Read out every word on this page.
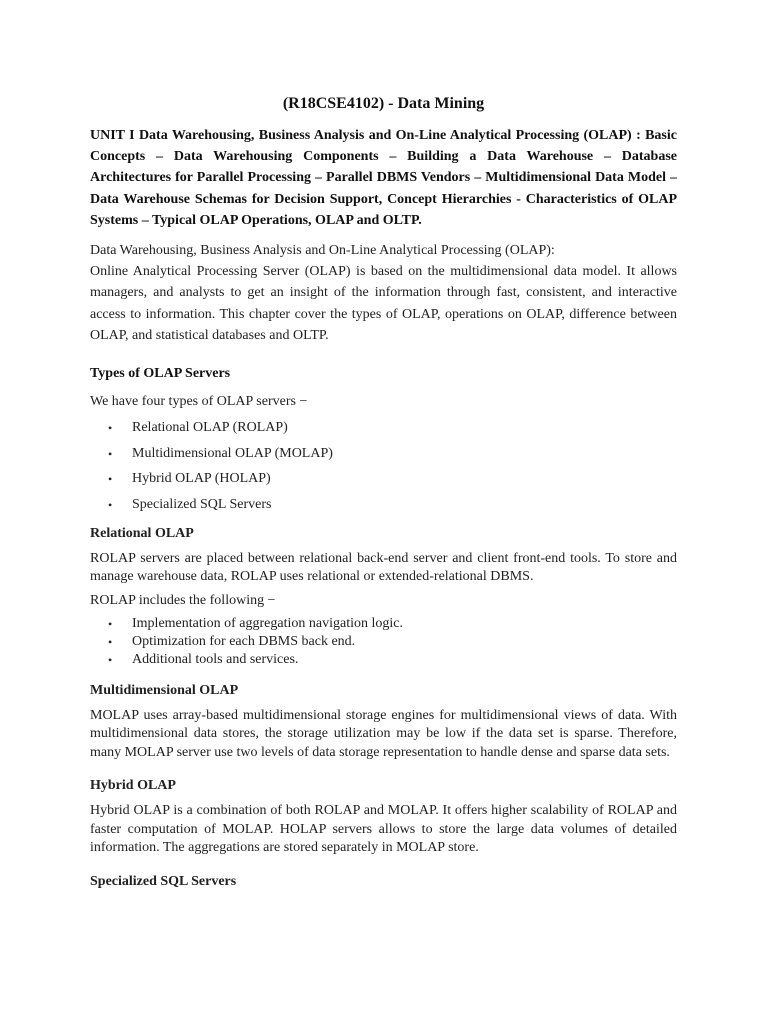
(R18CSE4102) - Data Mining

UNIT I Data Warehousing, Business Analysis and On-Line Analytical Processing (OLAP) : Basic Concepts – Data Warehousing Components – Building a Data Warehouse – Database Architectures for Parallel Processing – Parallel DBMS Vendors – Multidimensional Data Model – Data Warehouse Schemas for Decision Support, Concept Hierarchies - Characteristics of OLAP Systems – Typical OLAP Operations, OLAP and OLTP.

Data Warehousing, Business Analysis and On-Line Analytical Processing (OLAP):

Online Analytical Processing Server (OLAP) is based on the multidimensional data model. It allows managers, and analysts to get an insight of the information through fast, consistent, and interactive access to information. This chapter cover the types of OLAP, operations on OLAP, difference between OLAP, and statistical databases and OLTP.

Types of OLAP Servers

We have four types of OLAP servers −

• Relational OLAP (ROLAP)
• Multidimensional OLAP (MOLAP)
• Hybrid OLAP (HOLAP)
• Specialized SQL Servers
Relational OLAP

ROLAP servers are placed between relational back-end server and client front-end tools. To store and manage warehouse data, ROLAP uses relational or extended-relational DBMS.

ROLAP includes the following −

• Implementation of aggregation navigation logic.
• Optimization for each DBMS back end.
• Additional tools and services.
Multidimensional OLAP

MOLAP uses array-based multidimensional storage engines for multidimensional views of data. With multidimensional data stores, the storage utilization may be low if the data set is sparse. Therefore, many MOLAP server use two levels of data storage representation to handle dense and sparse data sets.

Hybrid OLAP

Hybrid OLAP is a combination of both ROLAP and MOLAP. It offers higher scalability of ROLAP and faster computation of MOLAP. HOLAP servers allows to store the large data volumes of detailed information. The aggregations are stored separately in MOLAP store.

Specialized SQL Servers
